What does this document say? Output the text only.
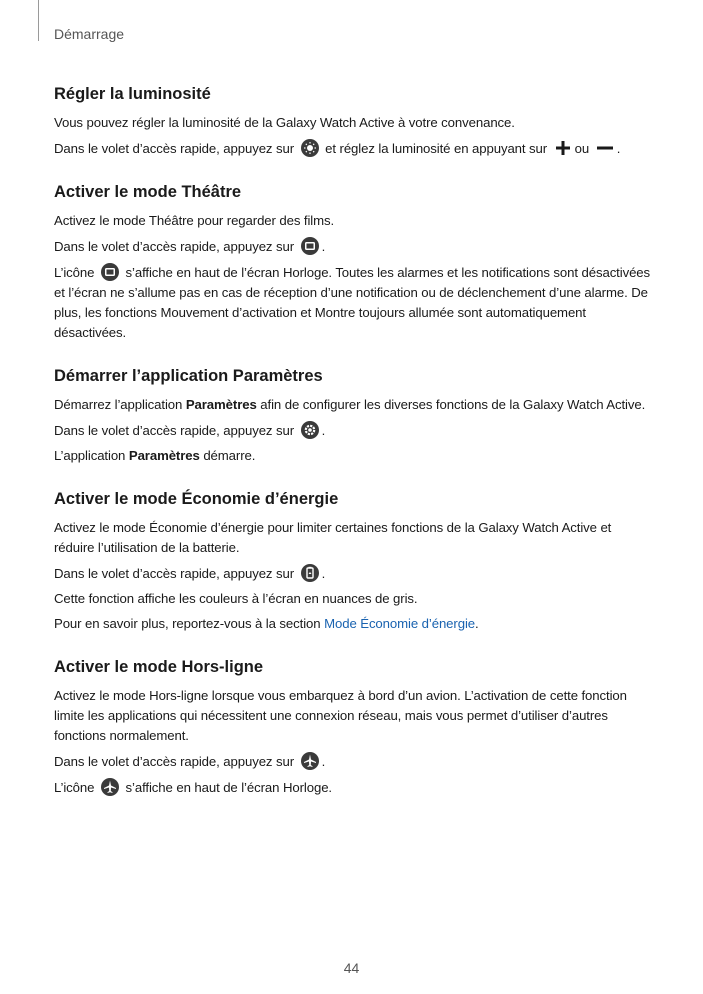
Démarrage
Régler la luminosité

Vous pouvez régler la luminosité de la Galaxy Watch Active à votre convenance.

Dans le volet d’accès rapide, appuyez sur et réglez la luminosité en appuyant sur ou .

Activer le mode Théâtre

Activez le mode Théâtre pour regarder des films.

Dans le volet d’accès rapide, appuyez sur .

L’icône s’affiche en haut de l’écran Horloge. Toutes les alarmes et les notifications sont désactivées et l’écran ne s’allume pas en cas de réception d’une notification ou de déclenchement d’une alarme. De plus, les fonctions Mouvement d’activation et Montre toujours allumée sont automatiquement désactivées.

Démarrer l’application Paramètres

Démarrez l’application Paramètres afin de configurer les diverses fonctions de la Galaxy Watch Active.

Dans le volet d’accès rapide, appuyez sur .

L’application Paramètres démarre.

Activer le mode Économie d’énergie

Activez le mode Économie d’énergie pour limiter certaines fonctions de la Galaxy Watch Active et réduire l’utilisation de la batterie.

Dans le volet d’accès rapide, appuyez sur .

Cette fonction affiche les couleurs à l’écran en nuances de gris.

Pour en savoir plus, reportez-vous à la section Mode Économie d’énergie.

Activer le mode Hors-ligne

Activez le mode Hors-ligne lorsque vous embarquez à bord d’un avion. L’activation de cette fonction limite les applications qui nécessitent une connexion réseau, mais vous permet d’utiliser d’autres fonctions normalement.

Dans le volet d’accès rapide, appuyez sur .

L’icône s’affiche en haut de l’écran Horloge.

44
